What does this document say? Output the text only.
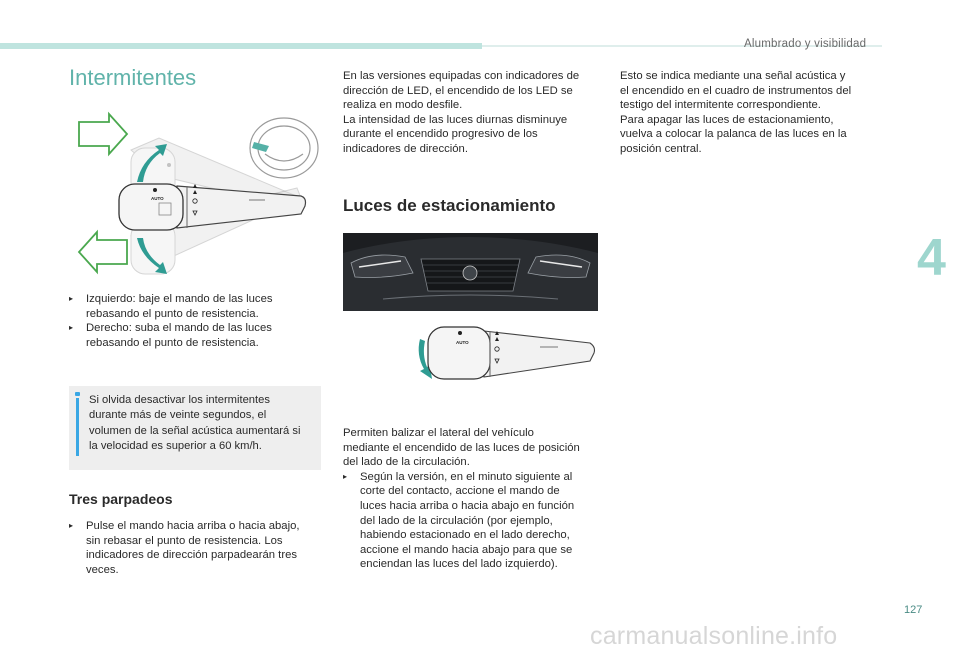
Alumbrado y visibilidad
4
127
carmanualsonline.info
Intermitentes
AUTO

▸ Izquierdo: baje el mando de las luces
rebasando el punto de resistencia.

▸ Derecho: suba el mando de las luces
rebasando el punto de resistencia.

Si olvida desactivar los intermitentes
durante más de veinte segundos, el
volumen de la señal acústica aumentará si
la velocidad es superior a 60 km/h.
Tres parpadeos

▸ Pulse el mando hacia arriba o hacia abajo,
sin rebasar el punto de resistencia. Los
indicadores de dirección parpadearán tres
veces.

En las versiones equipadas con indicadores de
dirección de LED, el encendido de los LED se
realiza en modo desfile.
La intensidad de las luces diurnas disminuye
durante el encendido progresivo de los
indicadores de dirección.

Luces de estacionamiento
AUTO

Permiten balizar el lateral del vehículo
mediante el encendido de las luces de posición
del lado de la circulación.

▸ Según la versión, en el minuto siguiente al
corte del contacto, accione el mando de
luces hacia arriba o hacia abajo en función
del lado de la circulación (por ejemplo,
habiendo estacionado en el lado derecho,
accione el mando hacia abajo para que se
enciendan las luces del lado izquierdo).

Esto se indica mediante una señal acústica y
el encendido en el cuadro de instrumentos del
testigo del intermitente correspondiente.
Para apagar las luces de estacionamiento,
vuelva a colocar la palanca de las luces en la
posición central.
